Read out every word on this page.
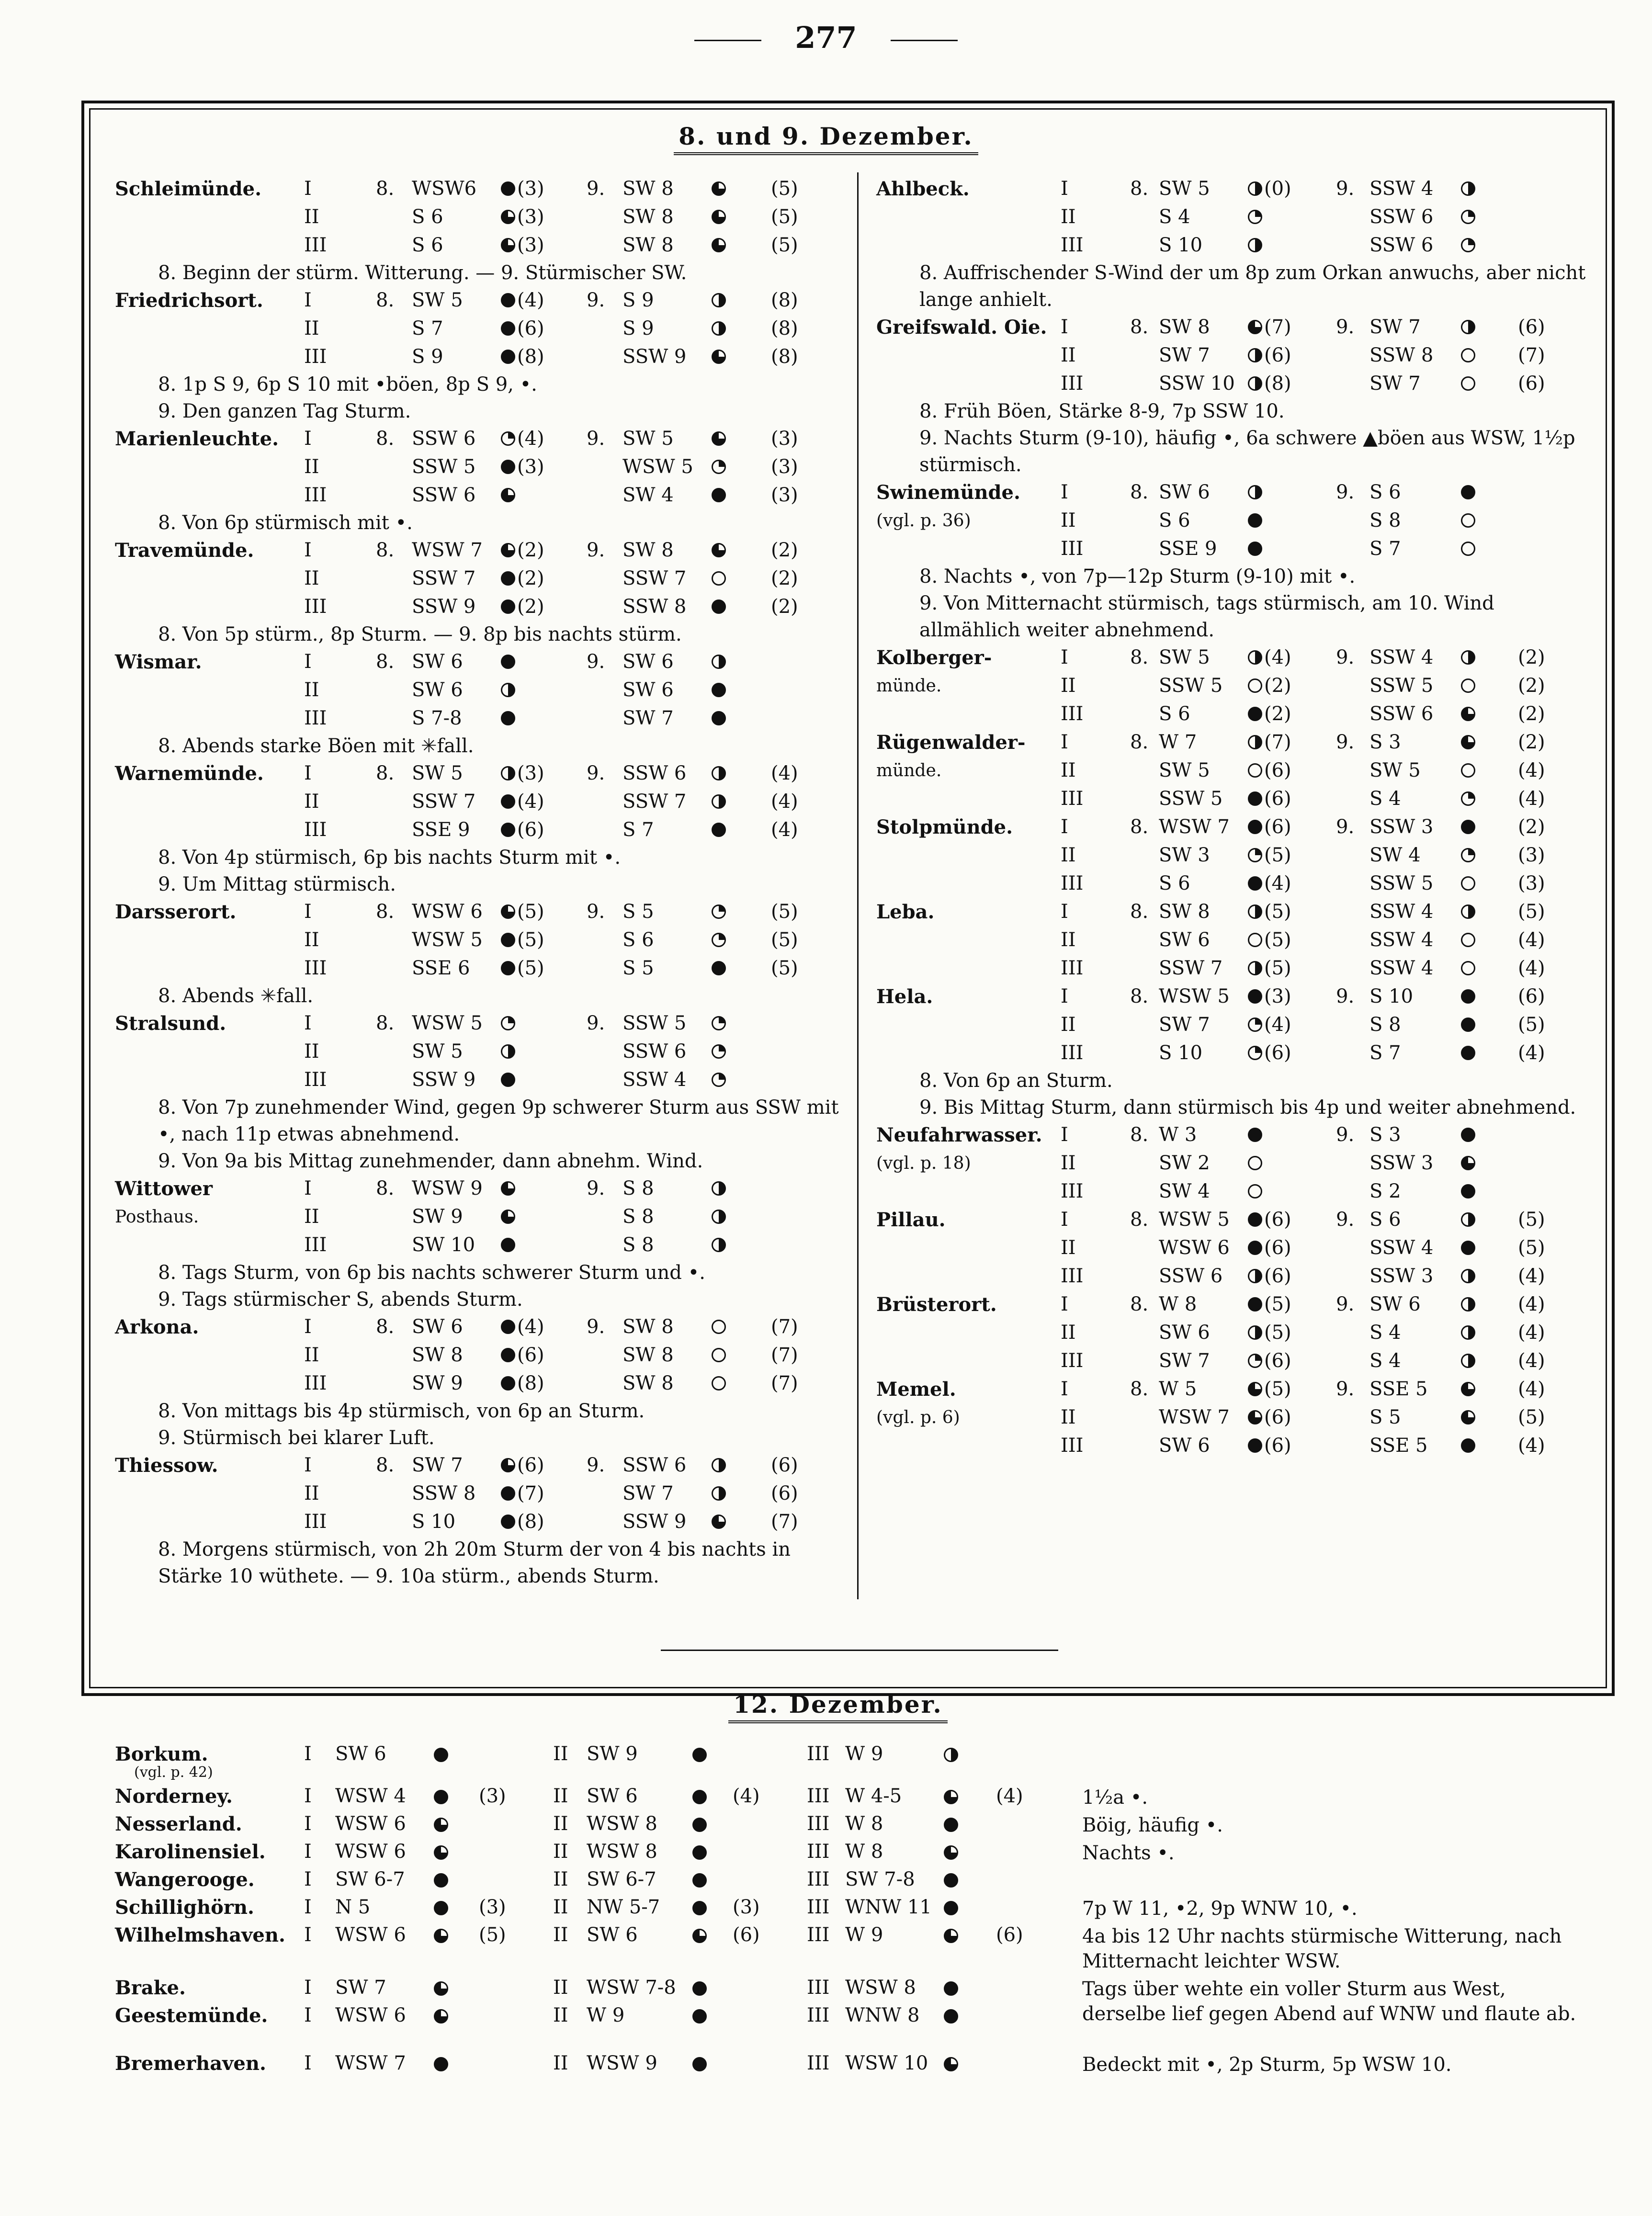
277
8. und 9. Dezember.
Schleimünde. I	8. WSW6 (3) 9. SW 8	(5)
II	S 6	(3)	SW 8	(5)
III	S 6	(3)	SW 8	(5)
8. Beginn der stürm. Witterung. — 9. Stürmischer SW.
Friedrichsort. I	8. SW 5	(4) 9. S 9	(8)
II	S 7	(6)	S 9	(8)
III	S 9	(8)	SSW 9	(8)
8. 1p S 9, 6p S 10 mit •böen, 8p S 9, •.
9. Den ganzen Tag Sturm.
Marienleuchte. I	8. SSW 6 (4) 9. SW 5	(3)
II	SSW 5 (3)	WSW 5	(3)
III	SSW 6	SW 4	(3)
8. Von 6p stürmisch mit •.
Travemünde.	I	8. WSW 7 (2) 9. SW 8	(2)
II	SSW 7 (2)	SSW 7	(2)
III	SSW 9 (2)	SSW 8	(2)
8. Von 5p stürm., 8p Sturm. — 9. 8p bis nachts stürm.
Wismar.	I	8. SW 6	9. SW 6
II	SW 6	SW 6
III	S 7-8	SW 7
8. Abends starke Böen mit ✳fall.
Warnemünde. I	8. SW 5	(3) 9. SSW 6	(4)
II	SSW 7 (4)	SSW 7	(4)
III	SSE 9 (6)	S 7	(4)
8. Von 4p stürmisch, 6p bis nachts Sturm mit •.
9. Um Mittag stürmisch.
Darsserort.	I	8. WSW 6 (5) 9. S 5	(5)
II	WSW 5 (5)	S 6	(5)
III	SSE 6 (5)	S 5	(5)
8. Abends ✳fall.
Stralsund.	I	8. WSW 5	9. SSW 5
II	SW 5	SSW 6
III	SSW 9	SSW 4
8. Von 7p zunehmender Wind, gegen 9p schwerer Sturm aus SSW mit •, nach 11p etwas abnehmend.
9. Von 9a bis Mittag zunehmender, dann abnehm. Wind.
Wittower
Posthaus.
I	8. WSW 9	9. S 8
II	SW 9	S 8
III	SW 10	S 8
8. Tags Sturm, von 6p bis nachts schwerer Sturm und •.
9. Tags stürmischer S, abends Sturm.
Arkona.	I	8. SW 6	(4) 9. SW 8	(7)
II	SW 8	(6)	SW 8	(7)
III	SW 9	(8)	SW 8	(7)
8. Von mittags bis 4p stürmisch, von 6p an Sturm.
9. Stürmisch bei klarer Luft.
Thiessow.	I	8. SW 7	(6) 9. SSW 6	(6)
II	SSW 8 (7)	SW 7	(6)
III	S 10	(8)	SSW 9	(7)
8. Morgens stürmisch, von 2h 20m Sturm der von 4 bis nachts in Stärke 10 wüthete. — 9. 10a stürm., abends Sturm.
Ahlbeck.	I	8. SW 5	(0) 9. SSW 4
II	S 4	SSW 6
III	S 10	SSW 6
8. Auffrischender S-Wind der um 8p zum Orkan anwuchs, aber nicht lange anhielt.
Greifswald. Oie. I	8. SW 8	(7) 9. SW 7	(6)
II	SW 7	(6)	SSW 8	(7)
III	SSW 10 (8)	SW 7	(6)
8. Früh Böen, Stärke 8-9, 7p SSW 10.
9. Nachts Sturm (9-10), häufig •, 6a schwere ▲böen aus WSW, 1½p stürmisch.
Swinemünde.
(vgl. p. 36)
I	8. SW 6	9. S 6
II	S 6	S 8
III	SSE 9	S 7
8. Nachts •, von 7p—12p Sturm (9-10) mit •.
9. Von Mitternacht stürmisch, tags stürmisch, am 10. Wind allmählich weiter abnehmend.
Kolberger-
münde.
I	8. SW 5	(4) 9. SSW 4	(2)
II	SSW 5 (2)	SSW 5	(2)
III	S 6	(2)	SSW 6	(2)
Rügenwalder-
münde.
I	8. W 7	(7) 9. S 3	(2)
II	SW 5	(6)	SW 5	(4)
III	SSW 5 (6)	S 4	(4)
Stolpmünde. I	8. WSW 7 (6) 9. SSW 3	(2)
II	SW 3	(5)	SW 4	(3)
III	S 6	(4)	SSW 5	(3)
Leba.	I	8. SW 8	(5)	SSW 4	(5)
II	SW 6	(5)	SSW 4	(4)
III	SSW 7 (5)	SSW 4	(4)
Hela.	I	8. WSW 5 (3) 9. S 10	(6)
II	SW 7	(4)	S 8	(5)
III	S 10	(6)	S 7	(4)
8. Von 6p an Sturm.
9. Bis Mittag Sturm, dann stürmisch bis 4p und weiter abnehmend.
Neufahrwasser.
(vgl. p. 18)
I	8. W 3	9. S 3
II	SW 2	SSW 3
III	SW 4	S 2
Pillau.	I	8. WSW 5 (6) 9. S 6	(5)
II	WSW 6 (6)	SSW 4	(5)
III	SSW 6 (6)	SSW 3	(4)
Brüsterort.	I	8. W 8	(5) 9. SW 6	(4)
II	SW 6	(5)	S 4	(4)
III	SW 7	(6)	S 4	(4)
Memel.
(vgl. p. 6)
I	8. W 5	(5) 9. SSE 5	(4)
II	WSW 7 (6)	S 5	(5)
III	SW 6	(6)	SSE 5	(4)
12. Dezember.
Borkum.	I SW 6	II SW 9	III W 9
(vgl. p. 42)
Norderney.	I WSW 4	(3) II SW 6	(4) III W 4-5	(4)	1½a •.
Nesserland.	I WSW 6	II WSW 8	III W 8	Böig, häufig •.
Karolinensiel. I WSW 6	II WSW 8	III W 8	Nachts •.
Wangerooge.	I SW 6-7	II SW 6-7	III SW 7-8
Schillighörn.	I N 5	(3) II NW 5-7	(3) III WNW 11	7p W 11, •2, 9p WNW 10, •.
Wilhelmshaven. I WSW 6	(5) II SW 6	(6) III W 9	(6)	4a bis 12 Uhr nachts stürmische Witterung, nach Mitternacht leichter WSW.
Brake.	I SW 7	II WSW 7-8	III WSW 8	Tags über wehte ein voller Sturm aus West, derselbe lief gegen Abend auf WNW und flaute ab.
Geestemünde. I WSW 6	II W 9	III WNW 8
Bremerhaven. I WSW 7	II WSW 9	III WSW 10	Bedeckt mit •, 2p Sturm, 5p WSW 10.
